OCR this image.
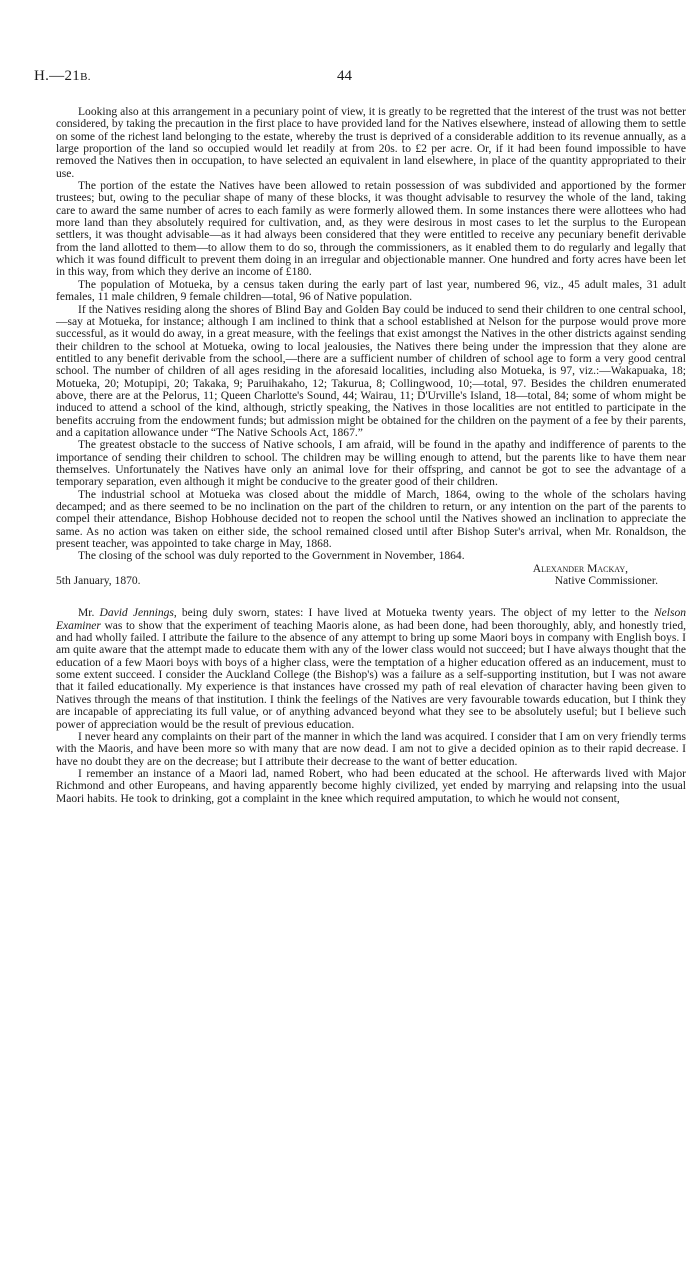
H.—21B.	44

Looking also at this arrangement in a pecuniary point of view, it is greatly to be regretted that the interest of the trust was not better considered, by taking the precaution in the first place to have provided land for the Natives elsewhere, instead of allowing them to settle on some of the richest land belonging to the estate, whereby the trust is deprived of a considerable addition to its revenue annually, as a large proportion of the land so occupied would let readily at from 20s. to £2 per acre. Or, if it had been found impossible to have removed the Natives then in occupation, to have selected an equivalent in land elsewhere, in place of the quantity appropriated to their use.

The portion of the estate the Natives have been allowed to retain possession of was subdivided and apportioned by the former trustees; but, owing to the peculiar shape of many of these blocks, it was thought advisable to resurvey the whole of the land, taking care to award the same number of acres to each family as were formerly allowed them. In some instances there were allottees who had more land than they absolutely required for cultivation, and, as they were desirous in most cases to let the surplus to the European settlers, it was thought advisable—as it had always been considered that they were entitled to receive any pecuniary benefit derivable from the land allotted to them—to allow them to do so, through the commissioners, as it enabled them to do regularly and legally that which it was found difficult to prevent them doing in an irregular and objectionable manner. One hundred and forty acres have been let in this way, from which they derive an income of £180.

The population of Motueka, by a census taken during the early part of last year, numbered 96, viz., 45 adult males, 31 adult females, 11 male children, 9 female children—total, 96 of Native population.

If the Natives residing along the shores of Blind Bay and Golden Bay could be induced to send their children to one central school,—say at Motueka, for instance; although I am inclined to think that a school established at Nelson for the purpose would prove more successful, as it would do away, in a great measure, with the feelings that exist amongst the Natives in the other districts against sending their children to the school at Motueka, owing to local jealousies, the Natives there being under the impression that they alone are entitled to any benefit derivable from the school,—there are a sufficient number of children of school age to form a very good central school. The number of children of all ages residing in the aforesaid localities, including also Motueka, is 97, viz.:—Wakapuaka, 18; Motueka, 20; Motupipi, 20; Takaka, 9; Paruihakaho, 12; Takurua, 8; Collingwood, 10;—total, 97. Besides the children enumerated above, there are at the Pelorus, 11; Queen Charlotte's Sound, 44; Wairau, 11; D'Urville's Island, 18—total, 84; some of whom might be induced to attend a school of the kind, although, strictly speaking, the Natives in those localities are not entitled to participate in the benefits accruing from the endowment funds; but admission might be obtained for the children on the payment of a fee by their parents, and a capitation allowance under “The Native Schools Act, 1867.”

The greatest obstacle to the success of Native schools, I am afraid, will be found in the apathy and indifference of parents to the importance of sending their children to school. The children may be willing enough to attend, but the parents like to have them near themselves. Unfortunately the Natives have only an animal love for their offspring, and cannot be got to see the advantage of a temporary separation, even although it might be conducive to the greater good of their children.

The industrial school at Motueka was closed about the middle of March, 1864, owing to the whole of the scholars having decamped; and as there seemed to be no inclination on the part of the children to return, or any intention on the part of the parents to compel their attendance, Bishop Hobhouse decided not to reopen the school until the Natives showed an inclination to appreciate the same. As no action was taken on either side, the school remained closed until after Bishop Suter's arrival, when Mr. Ronaldson, the present teacher, was appointed to take charge in May, 1868.

The closing of the school was duly reported to the Government in November, 1864.

Alexander Mackay,
5th January, 1870.	Native Commissioner.

Mr. David Jennings, being duly sworn, states: I have lived at Motueka twenty years. The object of my letter to the Nelson Examiner was to show that the experiment of teaching Maoris alone, as had been done, had been thoroughly, ably, and honestly tried, and had wholly failed. I attribute the failure to the absence of any attempt to bring up some Maori boys in company with English boys. I am quite aware that the attempt made to educate them with any of the lower class would not succeed; but I have always thought that the education of a few Maori boys with boys of a higher class, were the temptation of a higher education offered as an inducement, must to some extent succeed. I consider the Auckland College (the Bishop's) was a failure as a self-supporting institution, but I was not aware that it failed educationally. My experience is that instances have crossed my path of real elevation of character having been given to Natives through the means of that institution. I think the feelings of the Natives are very favourable towards education, but I think they are incapable of appreciating its full value, or of anything advanced beyond what they see to be absolutely useful; but I believe such power of appreciation would be the result of previous education.

I never heard any complaints on their part of the manner in which the land was acquired. I consider that I am on very friendly terms with the Maoris, and have been more so with many that are now dead. I am not to give a decided opinion as to their rapid decrease. I have no doubt they are on the decrease; but I attribute their decrease to the want of better education.

I remember an instance of a Maori lad, named Robert, who had been educated at the school. He afterwards lived with Major Richmond and other Europeans, and having apparently become highly civilized, yet ended by marrying and relapsing into the usual Maori habits. He took to drinking, got a complaint in the knee which required amputation, to which he would not consent,
